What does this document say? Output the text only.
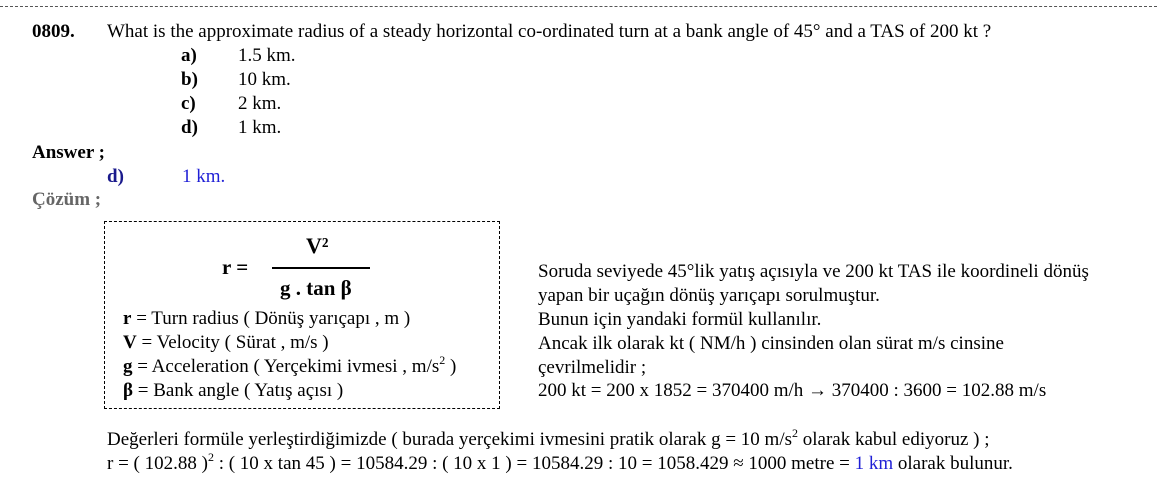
0809. What is the approximate radius of a steady horizontal co-ordinated turn at a bank angle of 45° and a TAS of 200 kt ?
a) 1.5 km.
b) 10 km.
c) 2 km.
d) 1 km.
Answer ;
d)	1 km.
Çözüm ;
r =
V²
g . tan β
r = Turn radius ( Dönüş yarıçapı , m )
V = Velocity ( Sürat , m/s )
g = Acceleration ( Yerçekimi ivmesi , $m/s^2$ )
β = Bank angle ( Yatış açısı )
Soruda seviyede 45°lik yatış açısıyla ve 200 kt TAS ile koordineli dönüş
yapan bir uçağın dönüş yarıçapı sorulmuştur.
Bunun için yandaki formül kullanılır.
Ancak ilk olarak kt ( NM/h ) cinsinden olan sürat m/s cinsine
çevrilmelidir ;
200 kt = 200 x 1852 = 370400 m/h → 370400 : 3600 = 102.88 m/s
Değerleri formüle yerleştirdiğimizde ( burada yerçekimi ivmesini pratik olarak g = 10 $m/s^2$ olarak kabul ediyoruz ) ;
r = ( 102.88 )$^2$ : ( 10 x tan 45 ) = 10584.29 : ( 10 x 1 ) = 10584.29 : 10 = 1058.429 ≈ 1000 metre = 1 km olarak bulunur.
